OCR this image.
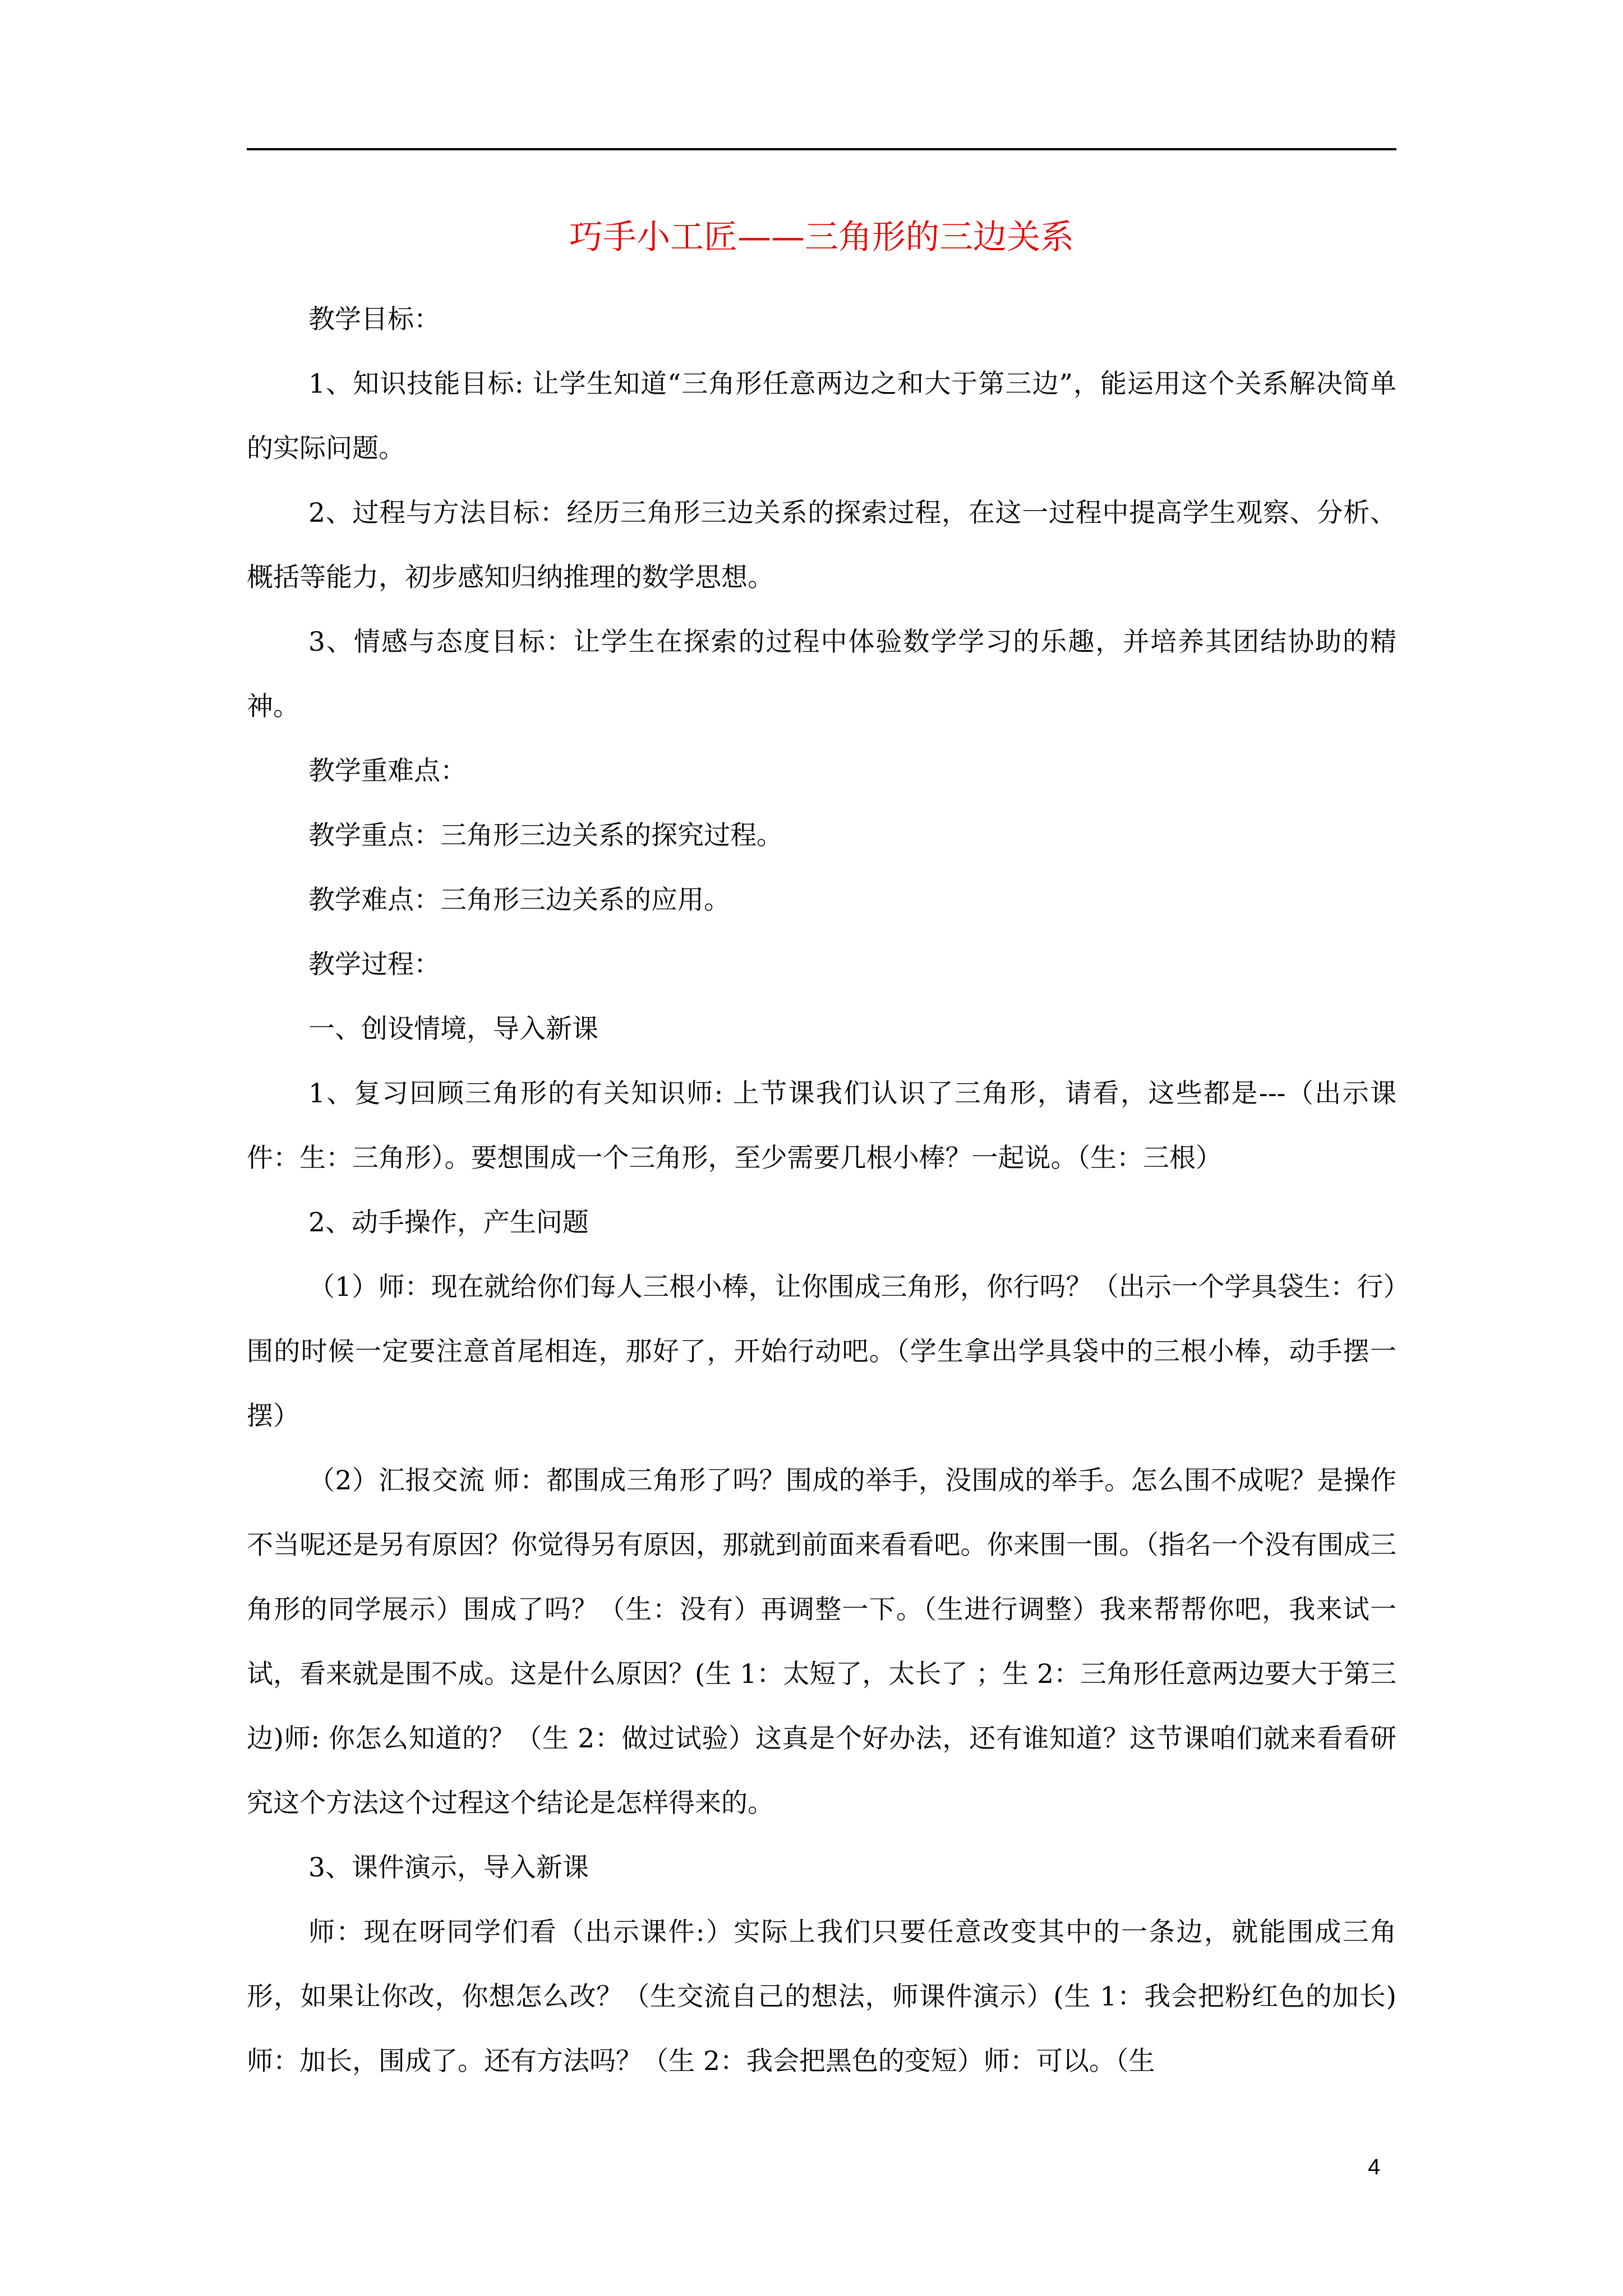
巧手小工匠——三角形的三边关系

教学目标：

1、知识技能目标: 让学生知道“三角形任意两边之和大于第三边”，能运用这个关系解决简单的实际问题。

2、过程与方法目标：经历三角形三边关系的探索过程，在这一过程中提高学生观察、分析、概括等能力，初步感知归纳推理的数学思想。

3、情感与态度目标：让学生在探索的过程中体验数学学习的乐趣，并培养其团结协助的精神。

教学重难点：

教学重点：三角形三边关系的探究过程。

教学难点：三角形三边关系的应用。

教学过程：

一、创设情境，导入新课

1、复习回顾三角形的有关知识师: 上节课我们认识了三角形，请看，这些都是---（出示课件：生：三角形）。要想围成一个三角形，至少需要几根小棒？一起说。（生：三根）

2、动手操作，产生问题

（1）师：现在就给你们每人三根小棒，让你围成三角形，你行吗？（出示一个学具袋生：行）围的时候一定要注意首尾相连，那好了，开始行动吧。（学生拿出学具袋中的三根小棒，动手摆一摆）

（2）汇报交流 师：都围成三角形了吗？围成的举手，没围成的举手。怎么围不成呢？是操作不当呢还是另有原因？你觉得另有原因，那就到前面来看看吧。你来围一围。（指名一个没有围成三角形的同学展示）围成了吗？（生：没有）再调整一下。（生进行调整）我来帮帮你吧，我来试一试，看来就是围不成。这是什么原因？(生 1：太短了，太长了 ；生 2：三角形任意两边要大于第三边)师: 你怎么知道的？（生 2：做过试验）这真是个好办法，还有谁知道？这节课咱们就来看看研究这个方法这个过程这个结论是怎样得来的。

3、课件演示，导入新课

师：现在呀同学们看（出示课件:）实际上我们只要任意改变其中的一条边，就能围成三角形，如果让你改，你想怎么改？（生交流自己的想法，师课件演示）(生 1：我会把粉红色的加长)师：加长，围成了。还有方法吗？（生 2：我会把黑色的变短）师：可以。（生

4
